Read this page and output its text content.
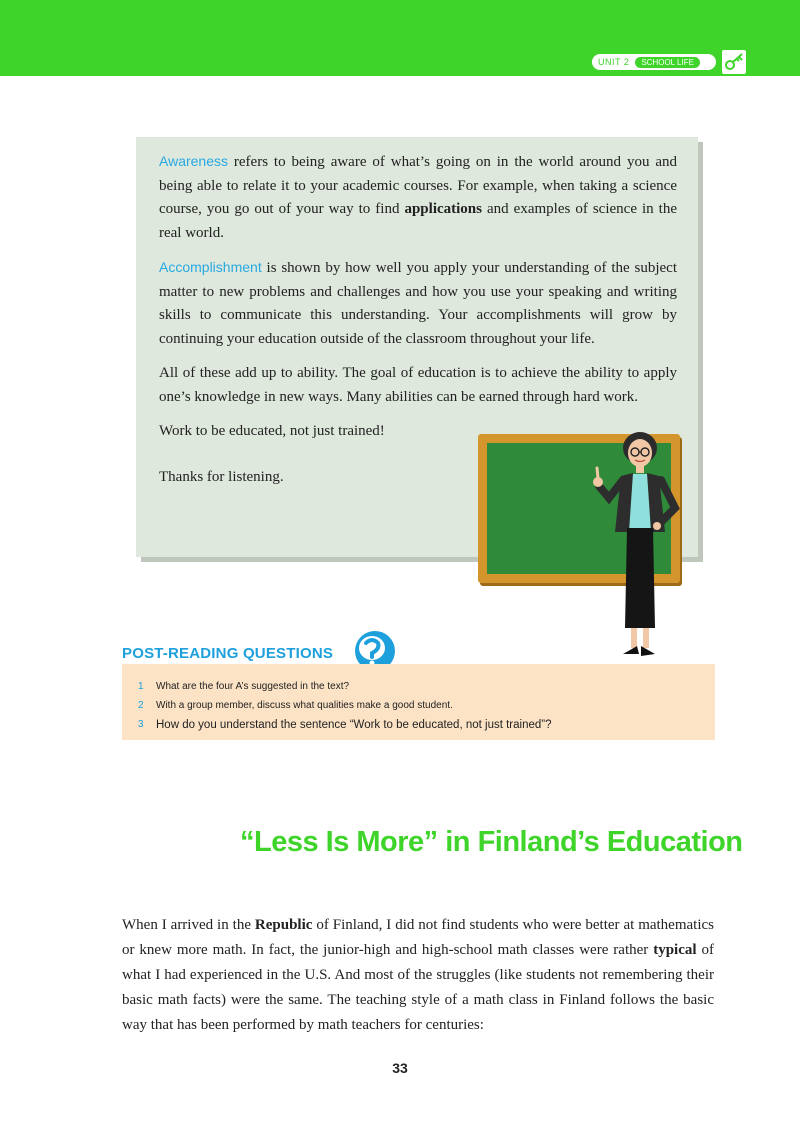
UNIT 2	SCHOOL LIFE

Awareness refers to being aware of what’s going on in the world around you and being able to relate it to your academic courses. For example, when taking a science course, you go out of your way to find applications and examples of science in the real world.

Accomplishment is shown by how well you apply your understanding of the subject matter to new problems and challenges and how you use your speaking and writing skills to communicate this understanding. Your accomplishments will grow by continuing your education outside of the classroom throughout your life.

All of these add up to ability. The goal of education is to achieve the ability to apply one’s knowledge in new ways. Many abilities can be earned through hard work.

Work to be educated, not just trained!

Thanks for listening.

POST-READING QUESTIONS
1	What are the four A’s suggested in the text?
2	With a group member, discuss what qualities make a good student.
3	How do you understand the sentence “Work to be educated, not just trained”?
“Less Is More” in Finland’s Education
When I arrived in the Republic of Finland, I did not find students who were better at mathematics or knew more math. In fact, the junior-high and high-school math classes were rather typical of what I had experienced in the U.S. And most of the struggles (like students not remembering their basic math facts) were the same. The teaching style of a math class in Finland follows the basic way that has been performed by math teachers for centuries:
33
